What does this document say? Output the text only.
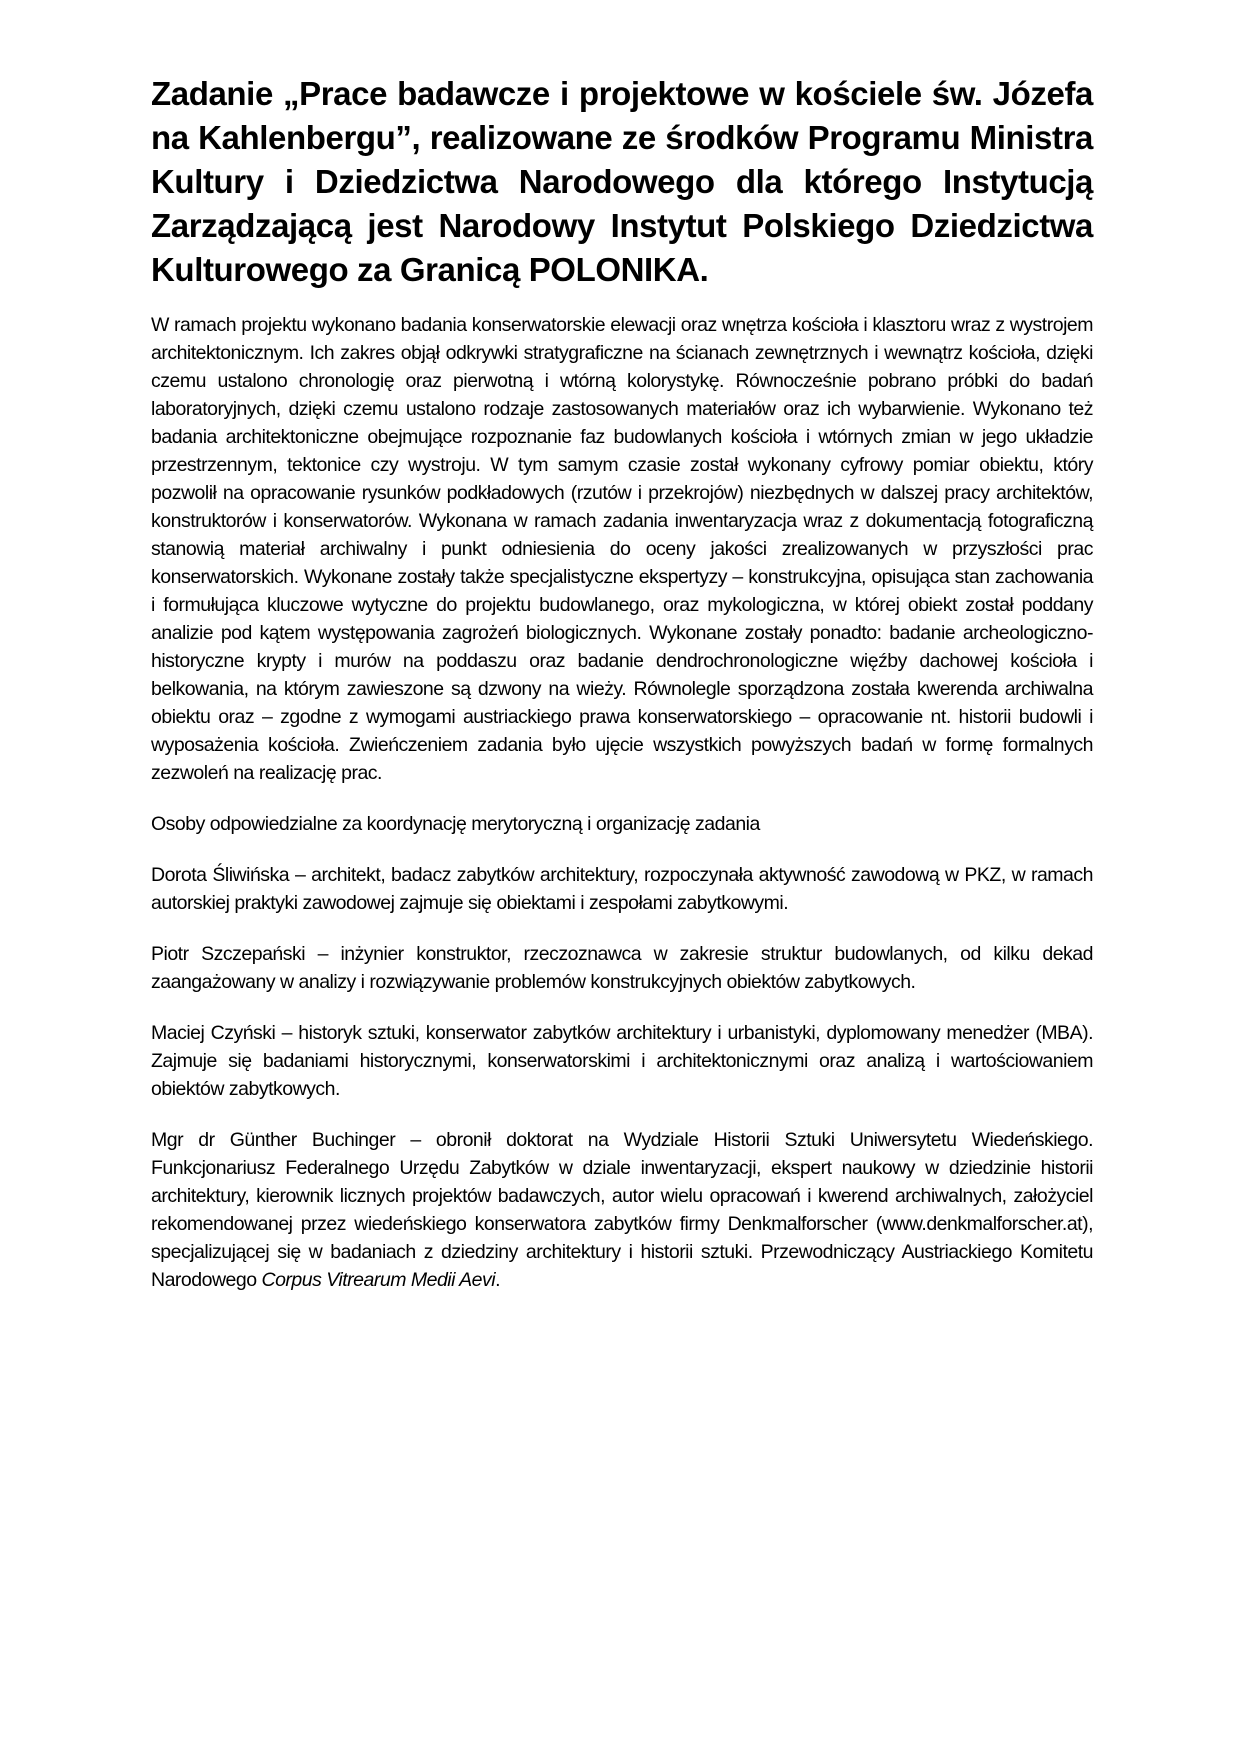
Zadanie „Prace badawcze i projektowe w kościele św. Józefa na Kahlenbergu”, realizowane ze środków Programu Ministra Kultury i Dziedzictwa Narodowego dla którego Instytucją Zarządzającą jest Narodowy Instytut Polskiego Dziedzictwa Kulturowego za Granicą POLONIKA.

W ramach projektu wykonano badania konserwatorskie elewacji oraz wnętrza kościoła i klasztoru wraz z wystrojem architektonicznym. Ich zakres objął odkrywki stratygraficzne na ścianach zewnętrznych i wewnątrz kościoła, dzięki czemu ustalono chronologię oraz pierwotną i wtórną kolorystykę. Równocześnie pobrano próbki do badań laboratoryjnych, dzięki czemu ustalono rodzaje zastosowanych materiałów oraz ich wybarwienie. Wykonano też badania architektoniczne obejmujące rozpoznanie faz budowlanych kościoła i wtórnych zmian w jego układzie przestrzennym, tektonice czy wystroju. W tym samym czasie został wykonany cyfrowy pomiar obiektu, który pozwolił na opracowanie rysunków podkładowych (rzutów i przekrojów) niezbędnych w dalszej pracy architektów, konstruktorów i konserwatorów. Wykonana w ramach zadania inwentaryzacja wraz z dokumentacją fotograficzną stanowią materiał archiwalny i punkt odniesienia do oceny jakości zrealizowanych w przyszłości prac konserwatorskich. Wykonane zostały także specjalistyczne ekspertyzy – konstrukcyjna, opisująca stan zachowania i formułująca kluczowe wytyczne do projektu budowlanego, oraz mykologiczna, w której obiekt został poddany analizie pod kątem występowania zagrożeń biologicznych. Wykonane zostały ponadto: badanie archeologiczno-historyczne krypty i murów na poddaszu oraz badanie dendrochronologiczne więźby dachowej kościoła i belkowania, na którym zawieszone są dzwony na wieży. Równolegle sporządzona została kwerenda archiwalna obiektu oraz – zgodne z wymogami austriackiego prawa konserwatorskiego – opracowanie nt. historii budowli i wyposażenia kościoła. Zwieńczeniem zadania było ujęcie wszystkich powyższych badań w formę formalnych zezwoleń na realizację prac.

Osoby odpowiedzialne za koordynację merytoryczną i organizację zadania

Dorota Śliwińska – architekt, badacz zabytków architektury, rozpoczynała aktywność zawodową w PKZ, w ramach autorskiej praktyki zawodowej zajmuje się obiektami i zespołami zabytkowymi.

Piotr Szczepański – inżynier konstruktor, rzeczoznawca w zakresie struktur budowlanych, od kilku dekad zaangażowany w analizy i rozwiązywanie problemów konstrukcyjnych obiektów zabytkowych.

Maciej Czyński – historyk sztuki, konserwator zabytków architektury i urbanistyki, dyplomowany menedżer (MBA). Zajmuje się badaniami historycznymi, konserwatorskimi i architektonicznymi oraz analizą i wartościowaniem obiektów zabytkowych.

Mgr dr Günther Buchinger – obronił doktorat na Wydziale Historii Sztuki Uniwersytetu Wiedeńskiego. Funkcjonariusz Federalnego Urzędu Zabytków w dziale inwentaryzacji, ekspert naukowy w dziedzinie historii architektury, kierownik licznych projektów badawczych, autor wielu opracowań i kwerend archiwalnych, założyciel rekomendowanej przez wiedeńskiego konserwatora zabytków firmy Denkmalforscher (www.denkmalforscher.at), specjalizującej się w badaniach z dziedziny architektury i historii sztuki. Przewodniczący Austriackiego Komitetu Narodowego Corpus Vitrearum Medii Aevi.
